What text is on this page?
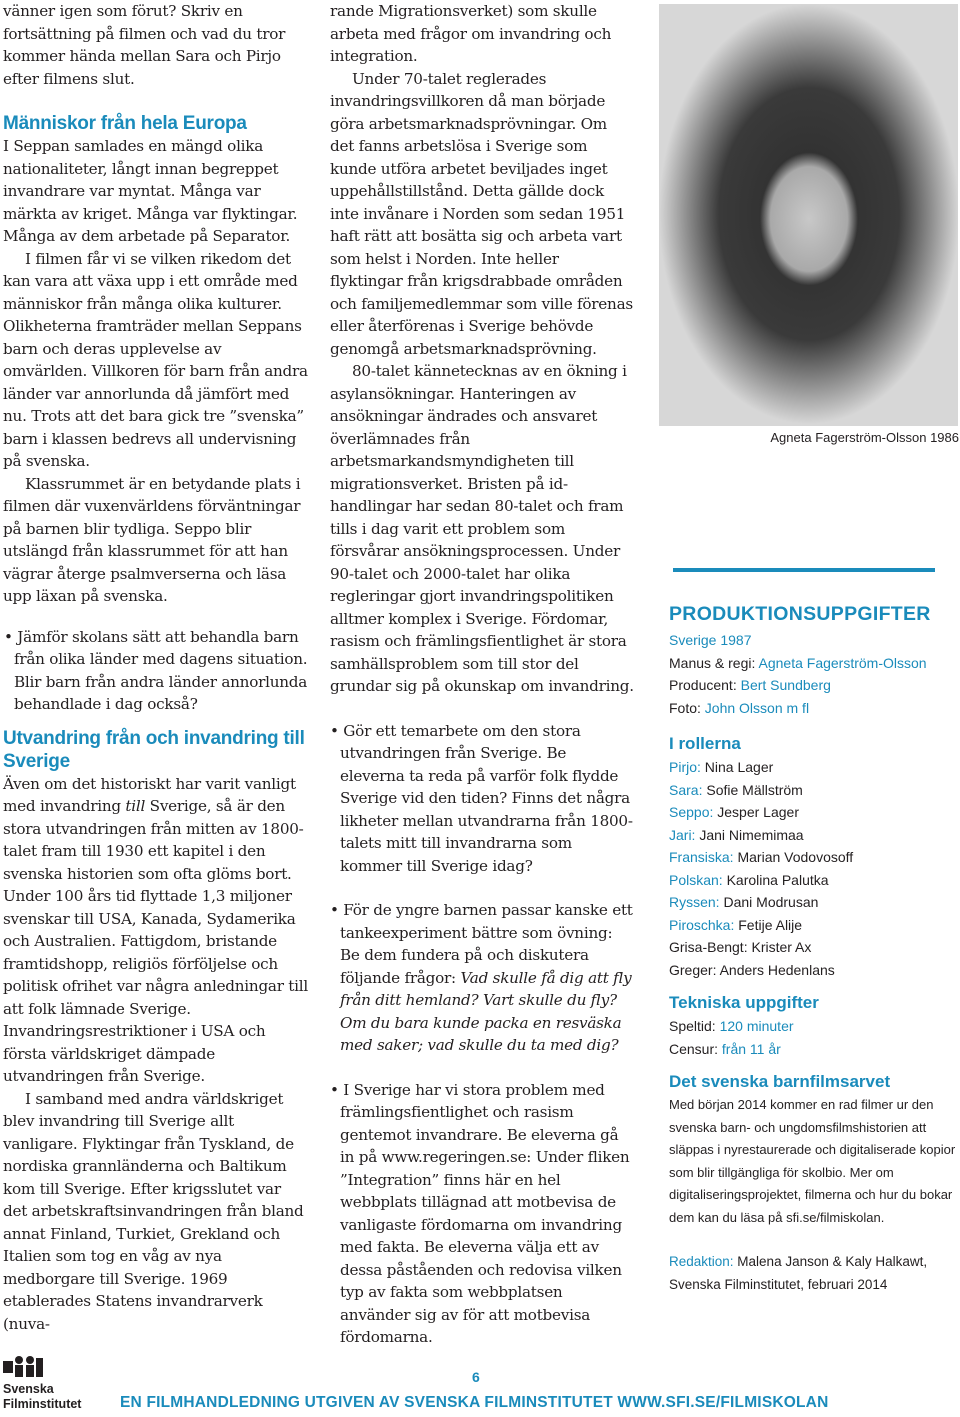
vänner igen som förut? Skriv en fortsättning på filmen och vad du tror kommer hända mellan Sara och Pirjo efter filmens slut.

Människor från hela Europa

I Seppan samlades en mängd olika nationaliteter, långt innan begreppet invandrare var myntat. Många var märkta av kriget. Många var flyktingar. Många av dem arbetade på Separator.

I filmen får vi se vilken rikedom det kan vara att växa upp i ett område med människor från många olika kulturer. Olikheterna framträder mellan Seppans barn och deras upplevelse av omvärlden. Villkoren för barn från andra länder var annorlunda då jämfört med nu. Trots att det bara gick tre ”svenska” barn i klassen bedrevs all undervisning på svenska.

Klassrummet är en betydande plats i filmen där vuxenvärldens förväntningar på barnen blir tydliga. Seppo blir utslängd från klassrummet för att han vägrar återge psalmverserna och läsa upp läxan på svenska.

• Jämför skolans sätt att behandla barn från olika länder med dagens situation. Blir barn från andra länder annorlunda behandlade i dag också?

Utvandring från och invandring till Sverige

Även om det historiskt har varit vanligt med invandring till Sverige, så är den stora utvandringen från mitten av 1800-talet fram till 1930 ett kapitel i den svenska historien som ofta glöms bort. Under 100 års tid flyttade 1,3 miljoner svenskar till USA, Kanada, Sydamerika och Australien. Fattigdom, bristande framtidshopp, religiös förföljelse och politisk ofrihet var några anledningar till att folk lämnade Sverige. Invandringsrestriktioner i USA och första världskriget dämpade utvandringen från Sverige.

I samband med andra världskriget blev invandring till Sverige allt vanligare. Flyktingar från Tyskland, de nordiska grannländerna och Baltikum kom till Sverige. Efter krigsslutet var det arbetskraftsinvandringen från bland annat Finland, Turkiet, Grekland och Italien som tog en våg av nya medborgare till Sverige. 1969 etablerades Statens invandrarverk (nuva-

rande Migrationsverket) som skulle arbeta med frågor om invandring och integration.

Under 70-talet reglerades invandringsvillkoren då man började göra arbetsmarknadsprövningar. Om det fanns arbetslösa i Sverige som kunde utföra arbetet beviljades inget uppehållstillstånd. Detta gällde dock inte invånare i Norden som sedan 1951 haft rätt att bosätta sig och arbeta vart som helst i Norden. Inte heller flyktingar från krigsdrabbade områden och familjemedlemmar som ville förenas eller återförenas i Sverige behövde genomgå arbetsmarknadsprövning.

80-talet kännetecknas av en ökning i asylansökningar. Hanteringen av ansökningar ändrades och ansvaret överlämnades från arbetsmarkandsmyndigheten till migrationsverket. Bristen på id-handlingar har sedan 80-talet och fram tills i dag varit ett problem som försvårar ansökningsprocessen. Under 90-talet och 2000-talet har olika regleringar gjort invandringspolitiken alltmer komplex i Sverige. Fördomar, rasism och främlingsfientlighet är stora samhällsproblem som till stor del grundar sig på okunskap om invandring.

• Gör ett temarbete om den stora utvandringen från Sverige. Be eleverna ta reda på varför folk flydde Sverige vid den tiden? Finns det några likheter mellan utvandrarna från 1800-talets mitt till invandrarna som kommer till Sverige idag?

• För de yngre barnen passar kanske ett tankeexperiment bättre som övning: Be dem fundera på och diskutera följande frågor: Vad skulle få dig att fly från ditt hemland? Vart skulle du fly? Om du bara kunde packa en resväska med saker; vad skulle du ta med dig?

• I Sverige har vi stora problem med främlingsfientlighet och rasism gentemot invandrare. Be eleverna gå in på www.regeringen.se: Under fliken ”Integration” finns här en hel webbplats tillägnad att motbevisa de vanligaste fördomarna om invandring med fakta. Be eleverna välja ett av dessa påståenden och redovisa vilken typ av fakta som webbplatsen använder sig av för att motbevisa fördomarna.

Agneta Fagerström-Olsson 1986
PRODUKTIONSUPPGIFTER

Sverige 1987

Manus & regi: Agneta Fagerström-Olsson

Producent: Bert Sundberg

Foto: John Olsson m fl

I rollerna

Pirjo: Nina Lager

Sara: Sofie Mällström

Seppo: Jesper Lager

Jari: Jani Nimemimaa

Fransiska: Marian Vodovosoff

Polskan: Karolina Palutka

Ryssen: Dani Modrusan

Piroschka: Fetije Alije

Grisa-Bengt: Krister Ax

Greger: Anders Hedenlans

Tekniska uppgifter

Speltid: 120 minuter

Censur: från 11 år

Det svenska barnfilmsarvet

Med början 2014 kommer en rad filmer ur den svenska barn- och ungdomsfilmshistorien att släppas i nyrestaurerade och digitaliserade kopior som blir tillgängliga för skolbio. Mer om digitaliseringsprojektet, filmerna och hur du bokar dem kan du läsa på sfi.se/filmiskolan.

Redaktion: Malena Janson & Kaly Halkawt,

Svenska Filminstitutet, februari 2014

Svenska
Filminstitutet
6
EN FILMHANDLEDNING UTGIVEN AV SVENSKA FILMINSTITUTET WWW.SFI.SE/FILMISKOLAN
